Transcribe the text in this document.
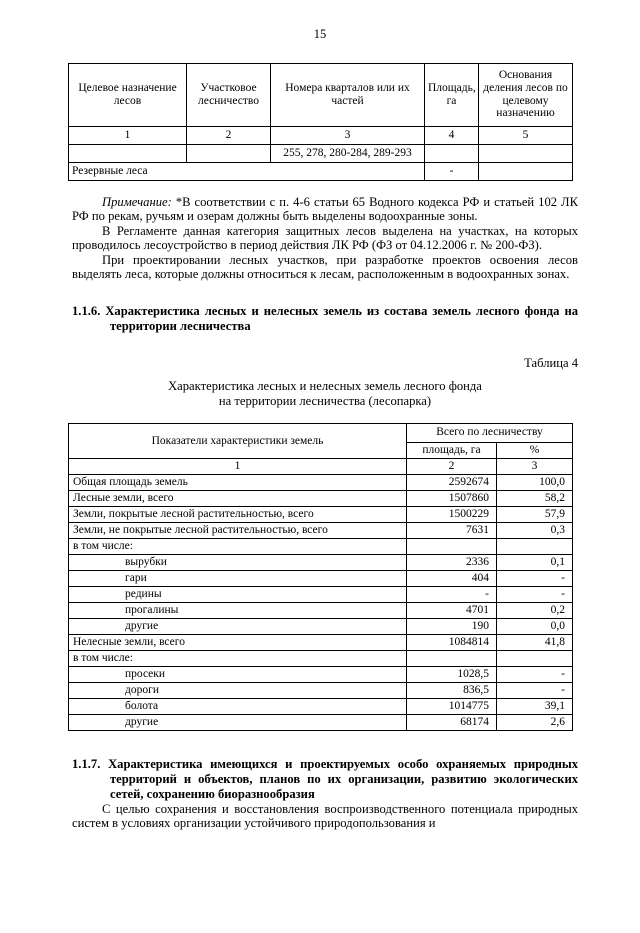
15
Целевое назначение лесов	Участковое лесничество	Номера кварталов или их частей	Площадь, га	Основания деления лесов по целевому назначению
1	2	3	4	5
		255, 278, 280-284, 289-293		
Резервные леса			-	

Примечание: *В соответствии с п. 4-6 статьи 65 Водного кодекса РФ и статьей 102 ЛК РФ по рекам, ручьям и озерам должны быть выделены водоохранные зоны.

В Регламенте данная категория защитных лесов выделена на участках, на которых проводилось лесоустройство в период действия ЛК РФ (ФЗ от 04.12.2006 г. № 200-ФЗ).

При проектировании лесных участков, при разработке проектов освоения лесов выделять леса, которые должны относиться к лесам, расположенным в водоохранных зонах.

1.1.6. Характеристика лесных и нелесных земель из состава земель лесного фонда на территории лесничества
Таблица 4
Характеристика лесных и нелесных земель лесного фонда
на территории лесничества (лесопарка)
Показатели характеристики земель	Всего по лесничеству	
	площадь, га	%
1	2	3
Общая площадь земель	2592674	100,0
Лесные земли, всего	1507860	58,2
Земли, покрытые лесной растительностью, всего	1500229	57,9
Земли, не покрытые лесной растительностью, всего	7631	0,3
в том числе:		
вырубки	2336	0,1
гари	404	-
редины	-	-
прогалины	4701	0,2
другие	190	0,0
Нелесные земли, всего	1084814	41,8
в том числе:		
просеки	1028,5	-
дороги	836,5	-
болота	1014775	39,1
другие	68174	2,6
1.1.7. Характеристика имеющихся и проектируемых особо охраняемых природных территорий и объектов, планов по их организации, развитию экологических сетей, сохранению биоразнообразия

С целью сохранения и восстановления воспроизводственного потенциала природных систем в условиях организации устойчивого природопользования и
